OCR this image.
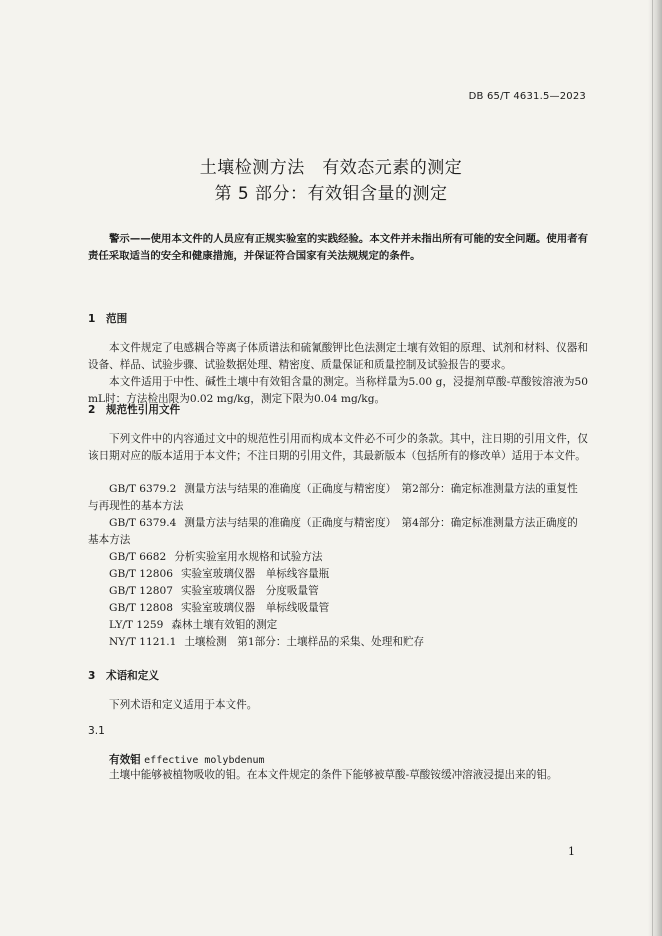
DB 65/T 4631.5—2023
土壤检测方法　有效态元素的测定
第 5 部分：有效钼含量的测定
警示——使用本文件的人员应有正规实验室的实践经验。本文件并未指出所有可能的安全问题。使用者有责任采取适当的安全和健康措施，并保证符合国家有关法规规定的条件。
1 范围
本文件规定了电感耦合等离子体质谱法和硫氰酸钾比色法测定土壤有效钼的原理、试剂和材料、仪器和设备、样品、试验步骤、试验数据处理、精密度、质量保证和质量控制及试验报告的要求。
本文件适用于中性、碱性土壤中有效钼含量的测定。当称样量为5.00 g，浸提剂草酸-草酸铵溶液为50 mL时：方法检出限为0.02 mg/kg，测定下限为0.04 mg/kg。
2 规范性引用文件
下列文件中的内容通过文中的规范性引用而构成本文件必不可少的条款。其中，注日期的引用文件，仅该日期对应的版本适用于本文件；不注日期的引用文件，其最新版本（包括所有的修改单）适用于本文件。
GB/T 6379.2 测量方法与结果的准确度（正确度与精密度）　第2部分：确定标准测量方法的重复性与再现性的基本方法
GB/T 6379.4 测量方法与结果的准确度（正确度与精密度）　第4部分：确定标准测量方法正确度的基本方法
GB/T 6682 分析实验室用水规格和试验方法
GB/T 12806 实验室玻璃仪器　单标线容量瓶
GB/T 12807 实验室玻璃仪器　分度吸量管
GB/T 12808 实验室玻璃仪器　单标线吸量管
LY/T 1259 森林土壤有效钼的测定
NY/T 1121.1 土壤检测　第1部分：土壤样品的采集、处理和贮存
3 术语和定义
下列术语和定义适用于本文件。
3.1
有效钼 effective molybdenum
土壤中能够被植物吸收的钼。在本文件规定的条件下能够被草酸-草酸铵缓冲溶液浸提出来的钼。
1
